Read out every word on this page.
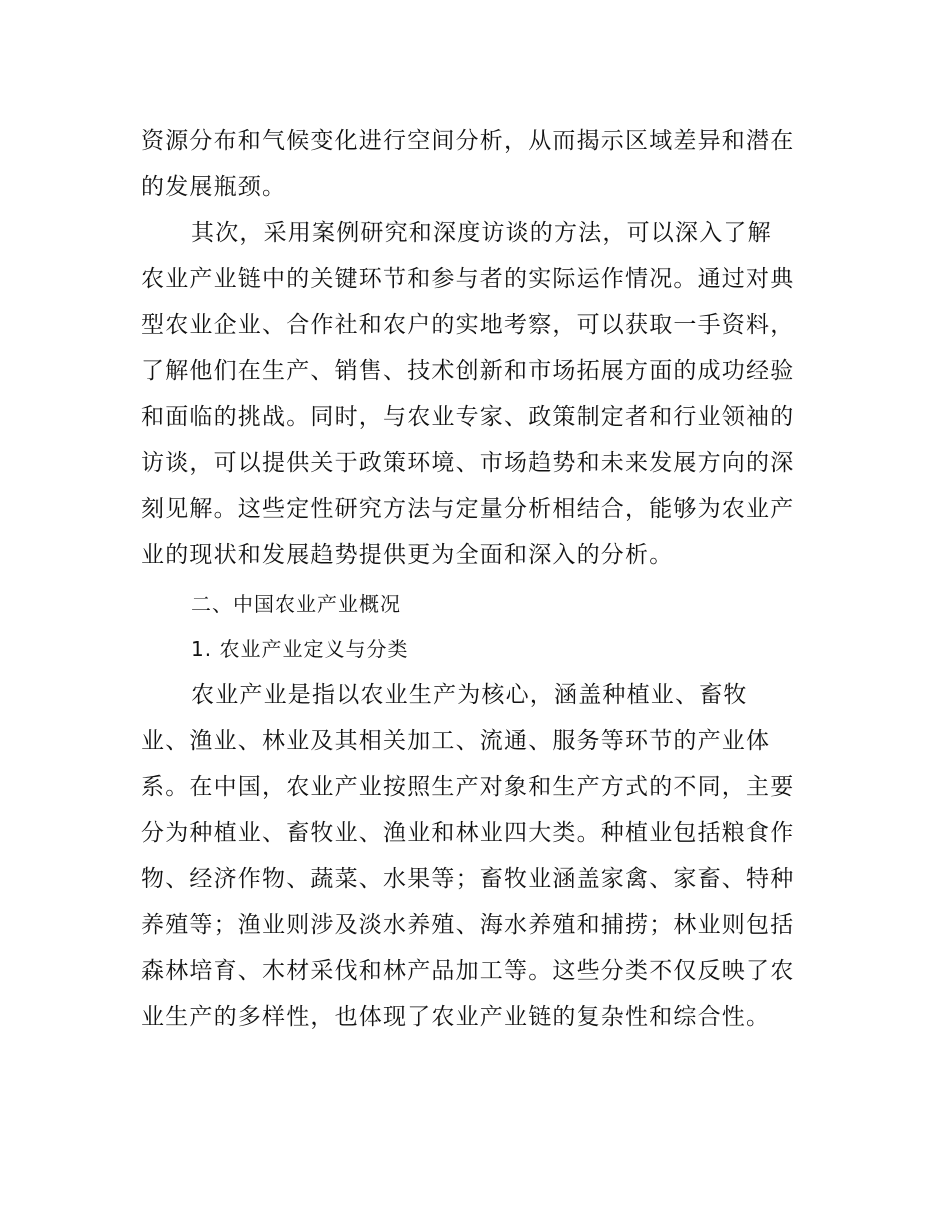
资源分布和气候变化进行空间分析，从而揭示区域差异和潜在
的发展瓶颈。
其次，采用案例研究和深度访谈的方法，可以深入了解
农业产业链中的关键环节和参与者的实际运作情况。通过对典
型农业企业、合作社和农户的实地考察，可以获取一手资料，
了解他们在生产、销售、技术创新和市场拓展方面的成功经验
和面临的挑战。同时，与农业专家、政策制定者和行业领袖的
访谈，可以提供关于政策环境、市场趋势和未来发展方向的深
刻见解。这些定性研究方法与定量分析相结合，能够为农业产
业的现状和发展趋势提供更为全面和深入的分析。
二、中国农业产业概况
1. 农业产业定义与分类
农业产业是指以农业生产为核心，涵盖种植业、畜牧
业、渔业、林业及其相关加工、流通、服务等环节的产业体
系。在中国，农业产业按照生产对象和生产方式的不同，主要
分为种植业、畜牧业、渔业和林业四大类。种植业包括粮食作
物、经济作物、蔬菜、水果等；畜牧业涵盖家禽、家畜、特种
养殖等；渔业则涉及淡水养殖、海水养殖和捕捞；林业则包括
森林培育、木材采伐和林产品加工等。这些分类不仅反映了农
业生产的多样性，也体现了农业产业链的复杂性和综合性。
